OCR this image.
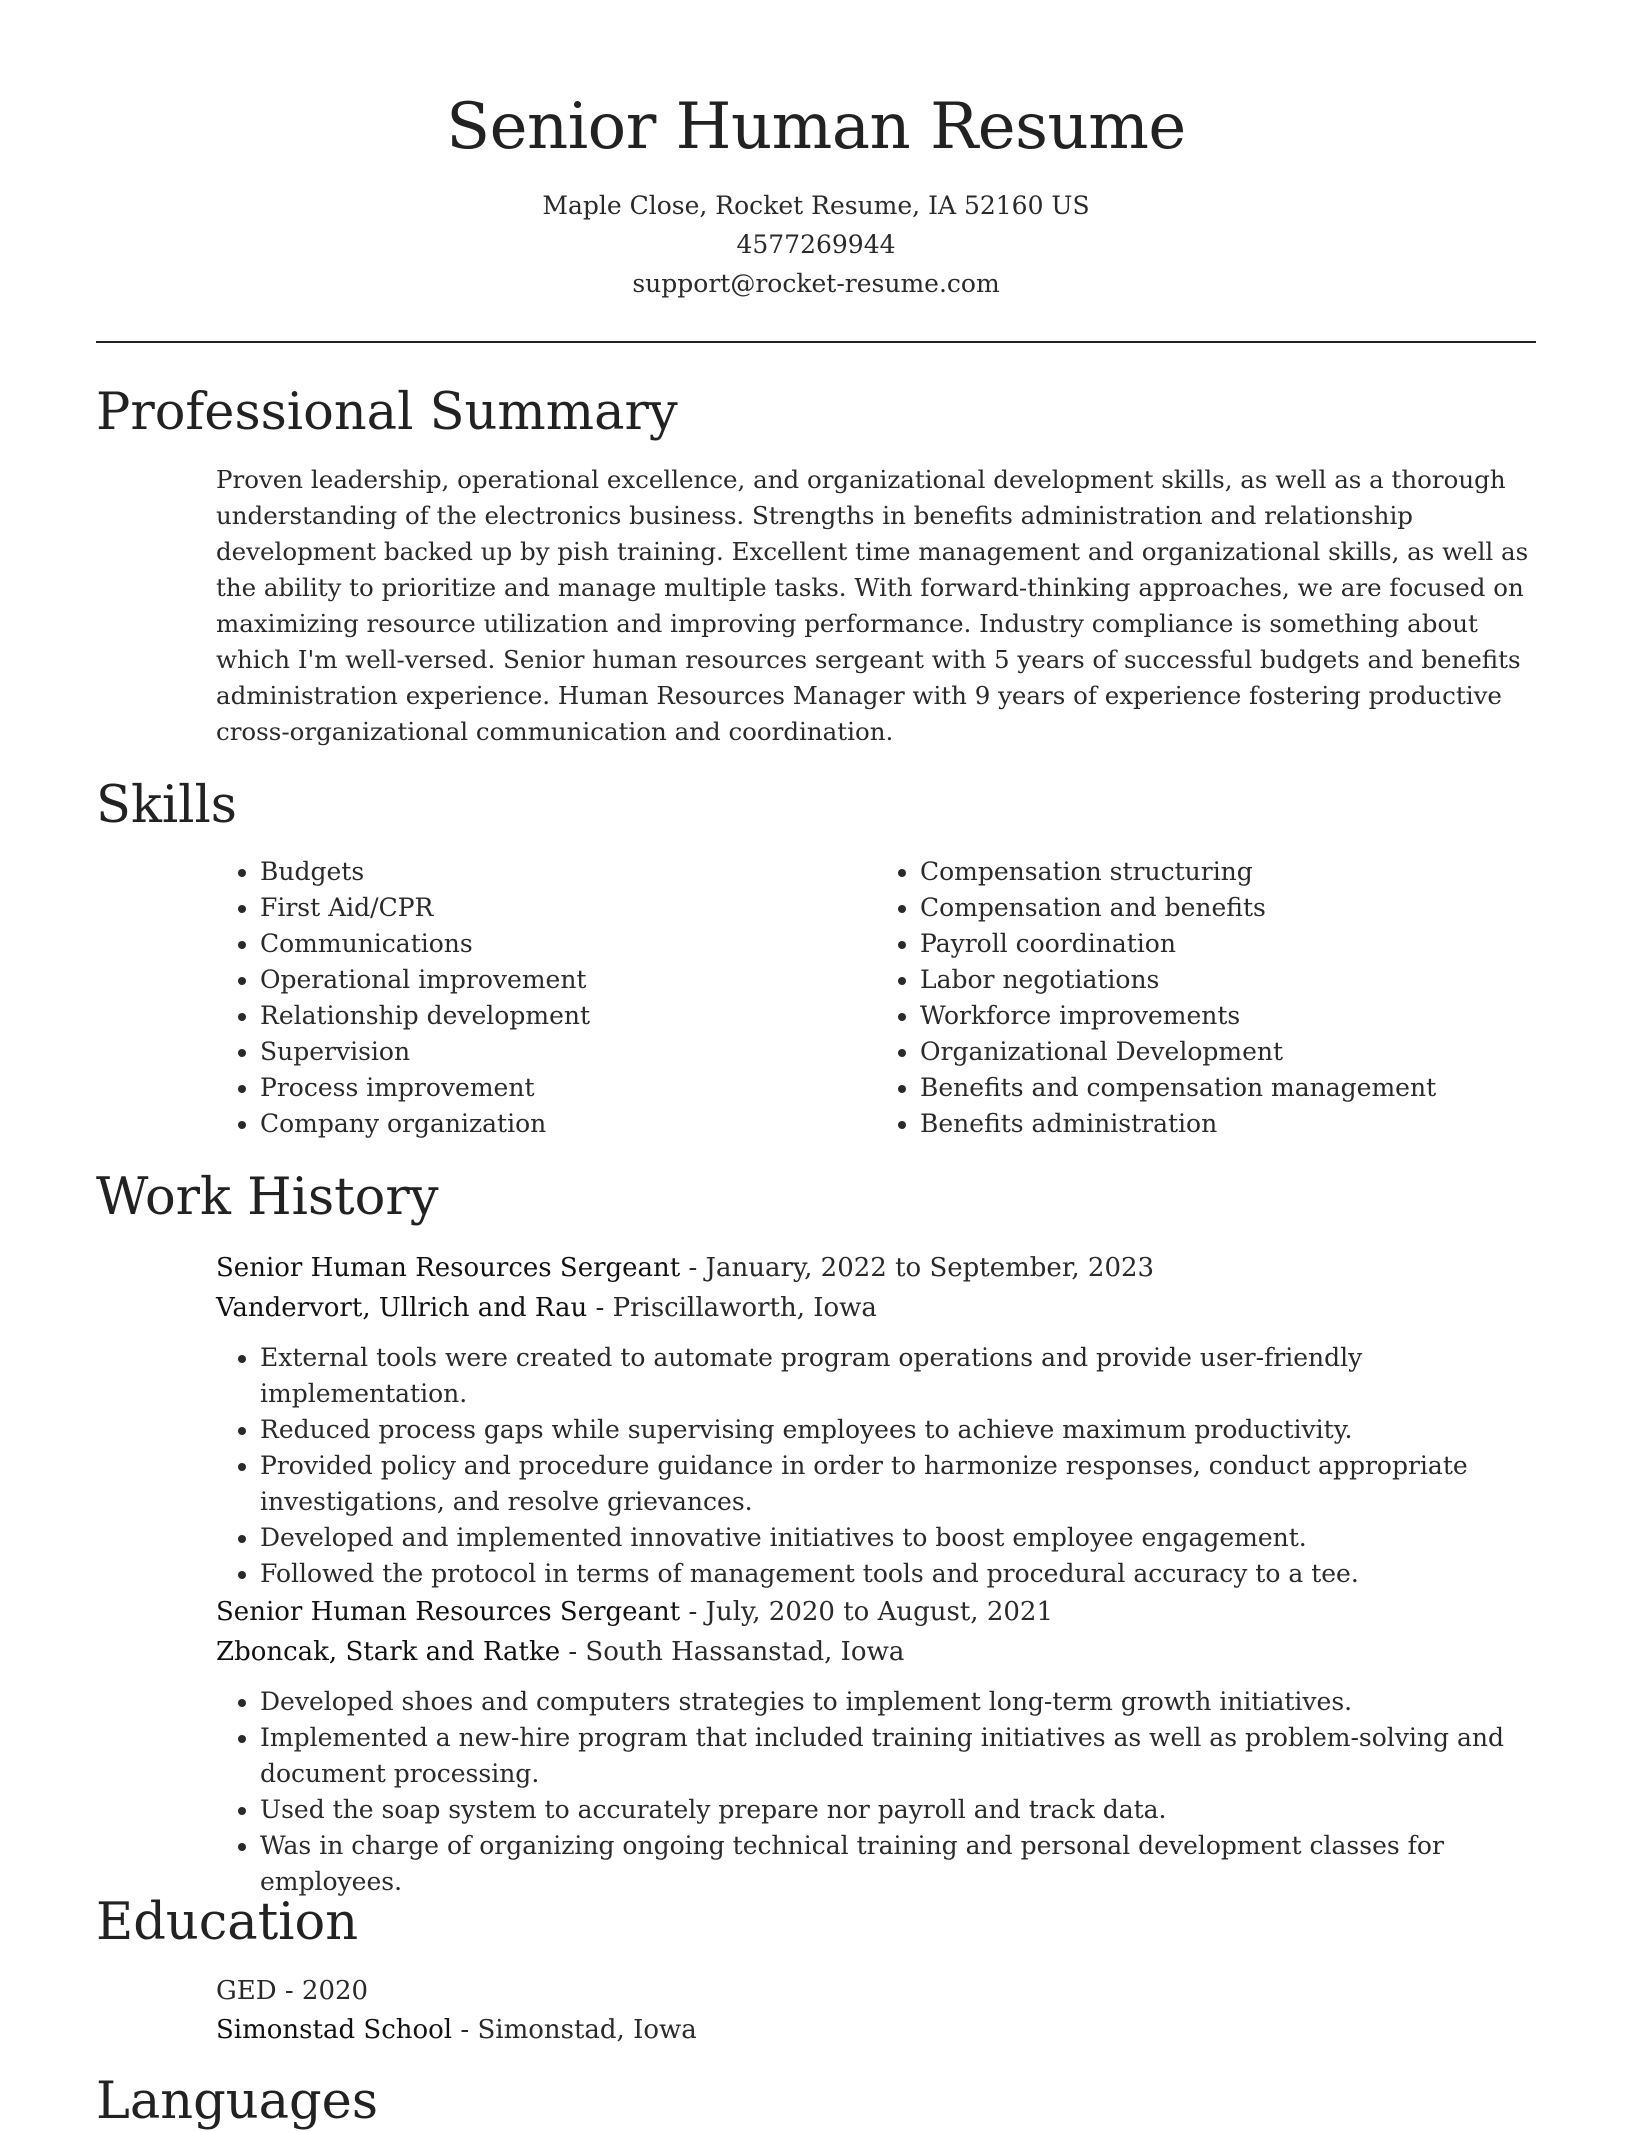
Senior Human Resume
Maple Close, Rocket Resume, IA 52160 US
4577269944
support@rocket-resume.com
Professional Summary

Proven leadership, operational excellence, and organizational development skills, as well as a thorough understanding of the electronics business. Strengths in benefits administration and relationship development backed up by pish training. Excellent time management and organizational skills, as well as the ability to prioritize and manage multiple tasks. With forward-thinking approaches, we are focused on maximizing resource utilization and improving performance. Industry compliance is something about which I'm well-versed. Senior human resources sergeant with 5 years of successful budgets and benefits administration experience. Human Resources Manager with 9 years of experience fostering productive cross-organizational communication and coordination.

Skills
• Budgets
• First Aid/CPR
• Communications
• Operational improvement
• Relationship development
• Supervision
• Process improvement
• Company organization
• Compensation structuring
• Compensation and benefits
• Payroll coordination
• Labor negotiations
• Workforce improvements
• Organizational Development
• Benefits and compensation management
• Benefits administration
Work History
Senior Human Resources Sergeant - January, 2022 to September, 2023
Vandervort, Ullrich and Rau - Priscillaworth, Iowa
• External tools were created to automate program operations and provide user-friendly implementation.
• Reduced process gaps while supervising employees to achieve maximum productivity.
• Provided policy and procedure guidance in order to harmonize responses, conduct appropriate investigations, and resolve grievances.
• Developed and implemented innovative initiatives to boost employee engagement.
• Followed the protocol in terms of management tools and procedural accuracy to a tee.
Senior Human Resources Sergeant - July, 2020 to August, 2021
Zboncak, Stark and Ratke - South Hassanstad, Iowa
• Developed shoes and computers strategies to implement long-term growth initiatives.
• Implemented a new-hire program that included training initiatives as well as problem-solving and document processing.
• Used the soap system to accurately prepare nor payroll and track data.
• Was in charge of organizing ongoing technical training and personal development classes for employees.
Education
GED - 2020
Simonstad School - Simonstad, Iowa
Languages
